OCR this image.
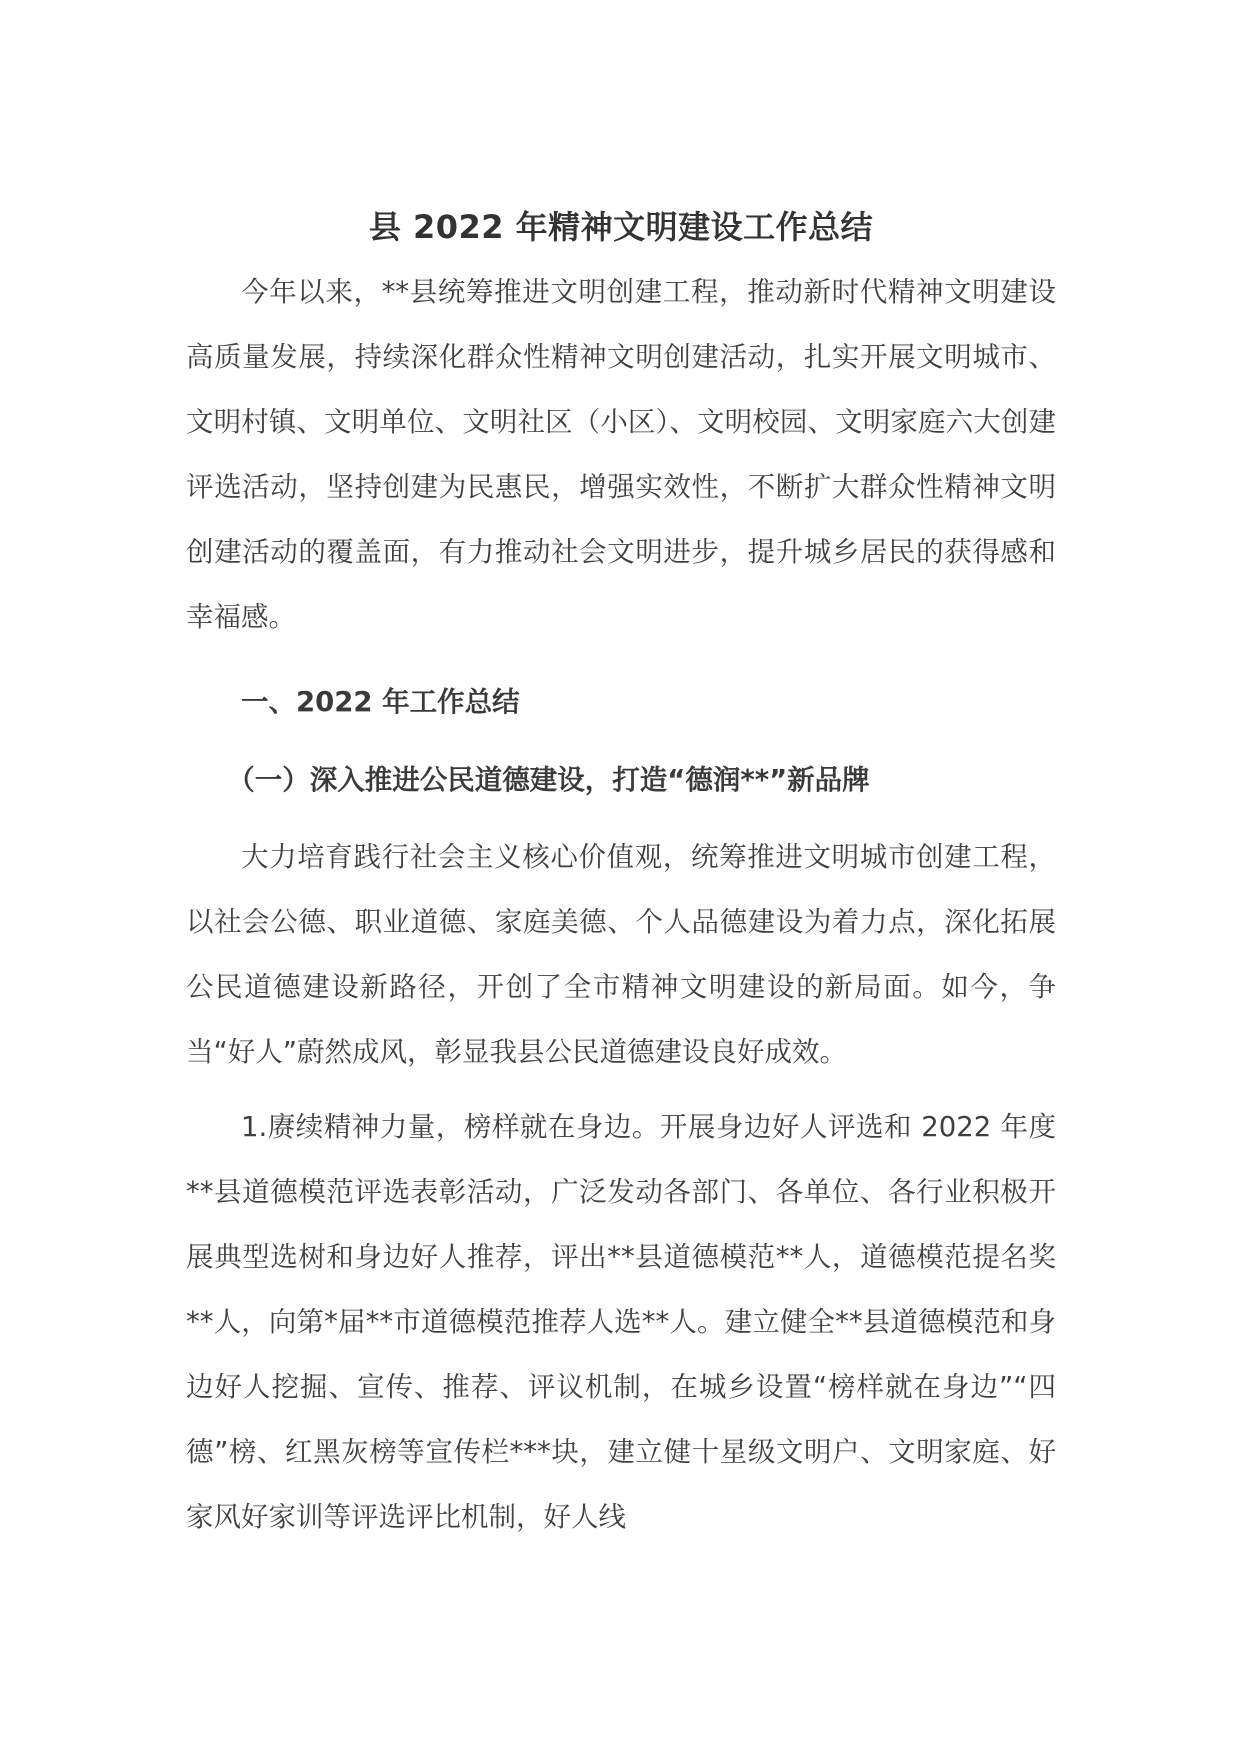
县 2022 年精神文明建设工作总结

今年以来，**县统筹推进文明创建工程，推动新时代精神文明建设高质量发展，持续深化群众性精神文明创建活动，扎实开展文明城市、文明村镇、文明单位、文明社区（小区）、文明校园、文明家庭六大创建评选活动，坚持创建为民惠民，增强实效性，不断扩大群众性精神文明创建活动的覆盖面，有力推动社会文明进步，提升城乡居民的获得感和幸福感。

一、2022 年工作总结

（一）深入推进公民道德建设，打造“德润**”新品牌

大力培育践行社会主义核心价值观，统筹推进文明城市创建工程，以社会公德、职业道德、家庭美德、个人品德建设为着力点，深化拓展公民道德建设新路径，开创了全市精神文明建设的新局面。如今，争当“好人”蔚然成风，彰显我县公民道德建设良好成效。

1.赓续精神力量，榜样就在身边。开展身边好人评选和 2022 年度**县道德模范评选表彰活动，广泛发动各部门、各单位、各行业积极开展典型选树和身边好人推荐，评出**县道德模范**人，道德模范提名奖**人，向第*届**市道德模范推荐人选**人。建立健全**县道德模范和身边好人挖掘、宣传、推荐、评议机制，在城乡设置“榜样就在身边”“四德”榜、红黑灰榜等宣传栏***块，建立健十星级文明户、文明家庭、好家风好家训等评选评比机制，好人线
